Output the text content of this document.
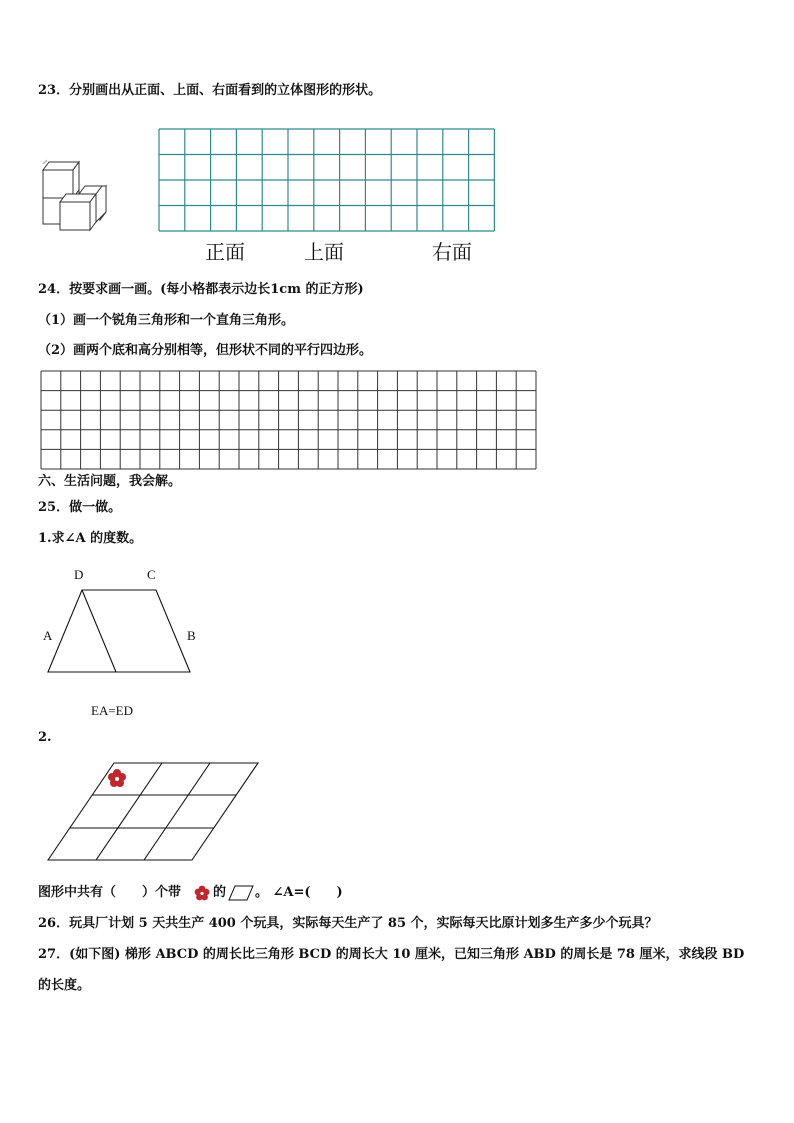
23．分别画出从正面、上面、右面看到的立体图形的形状。
正面	上面	右面
24．按要求画一画。(每小格都表示边长1cm 的正方形)
（1）画一个锐角三角形和一个直角三角形。
（2）画两个底和高分别相等，但形状不同的平行四边形。
六、生活问题，我会解。
25．做一做。
1.求∠A 的度数。
D	C
A	B
EA=ED
2.
图形中共有（　　）个带 的 。 ∠A=(　　)
26．玩具厂计划 5 天共生产 400 个玩具，实际每天生产了 85 个，实际每天比原计划多生产多少个玩具？
27．(如下图) 梯形 ABCD 的周长比三角形 BCD 的周长大 10 厘米，已知三角形 ABD 的周长是 78 厘米，求线段 BD
的长度。
